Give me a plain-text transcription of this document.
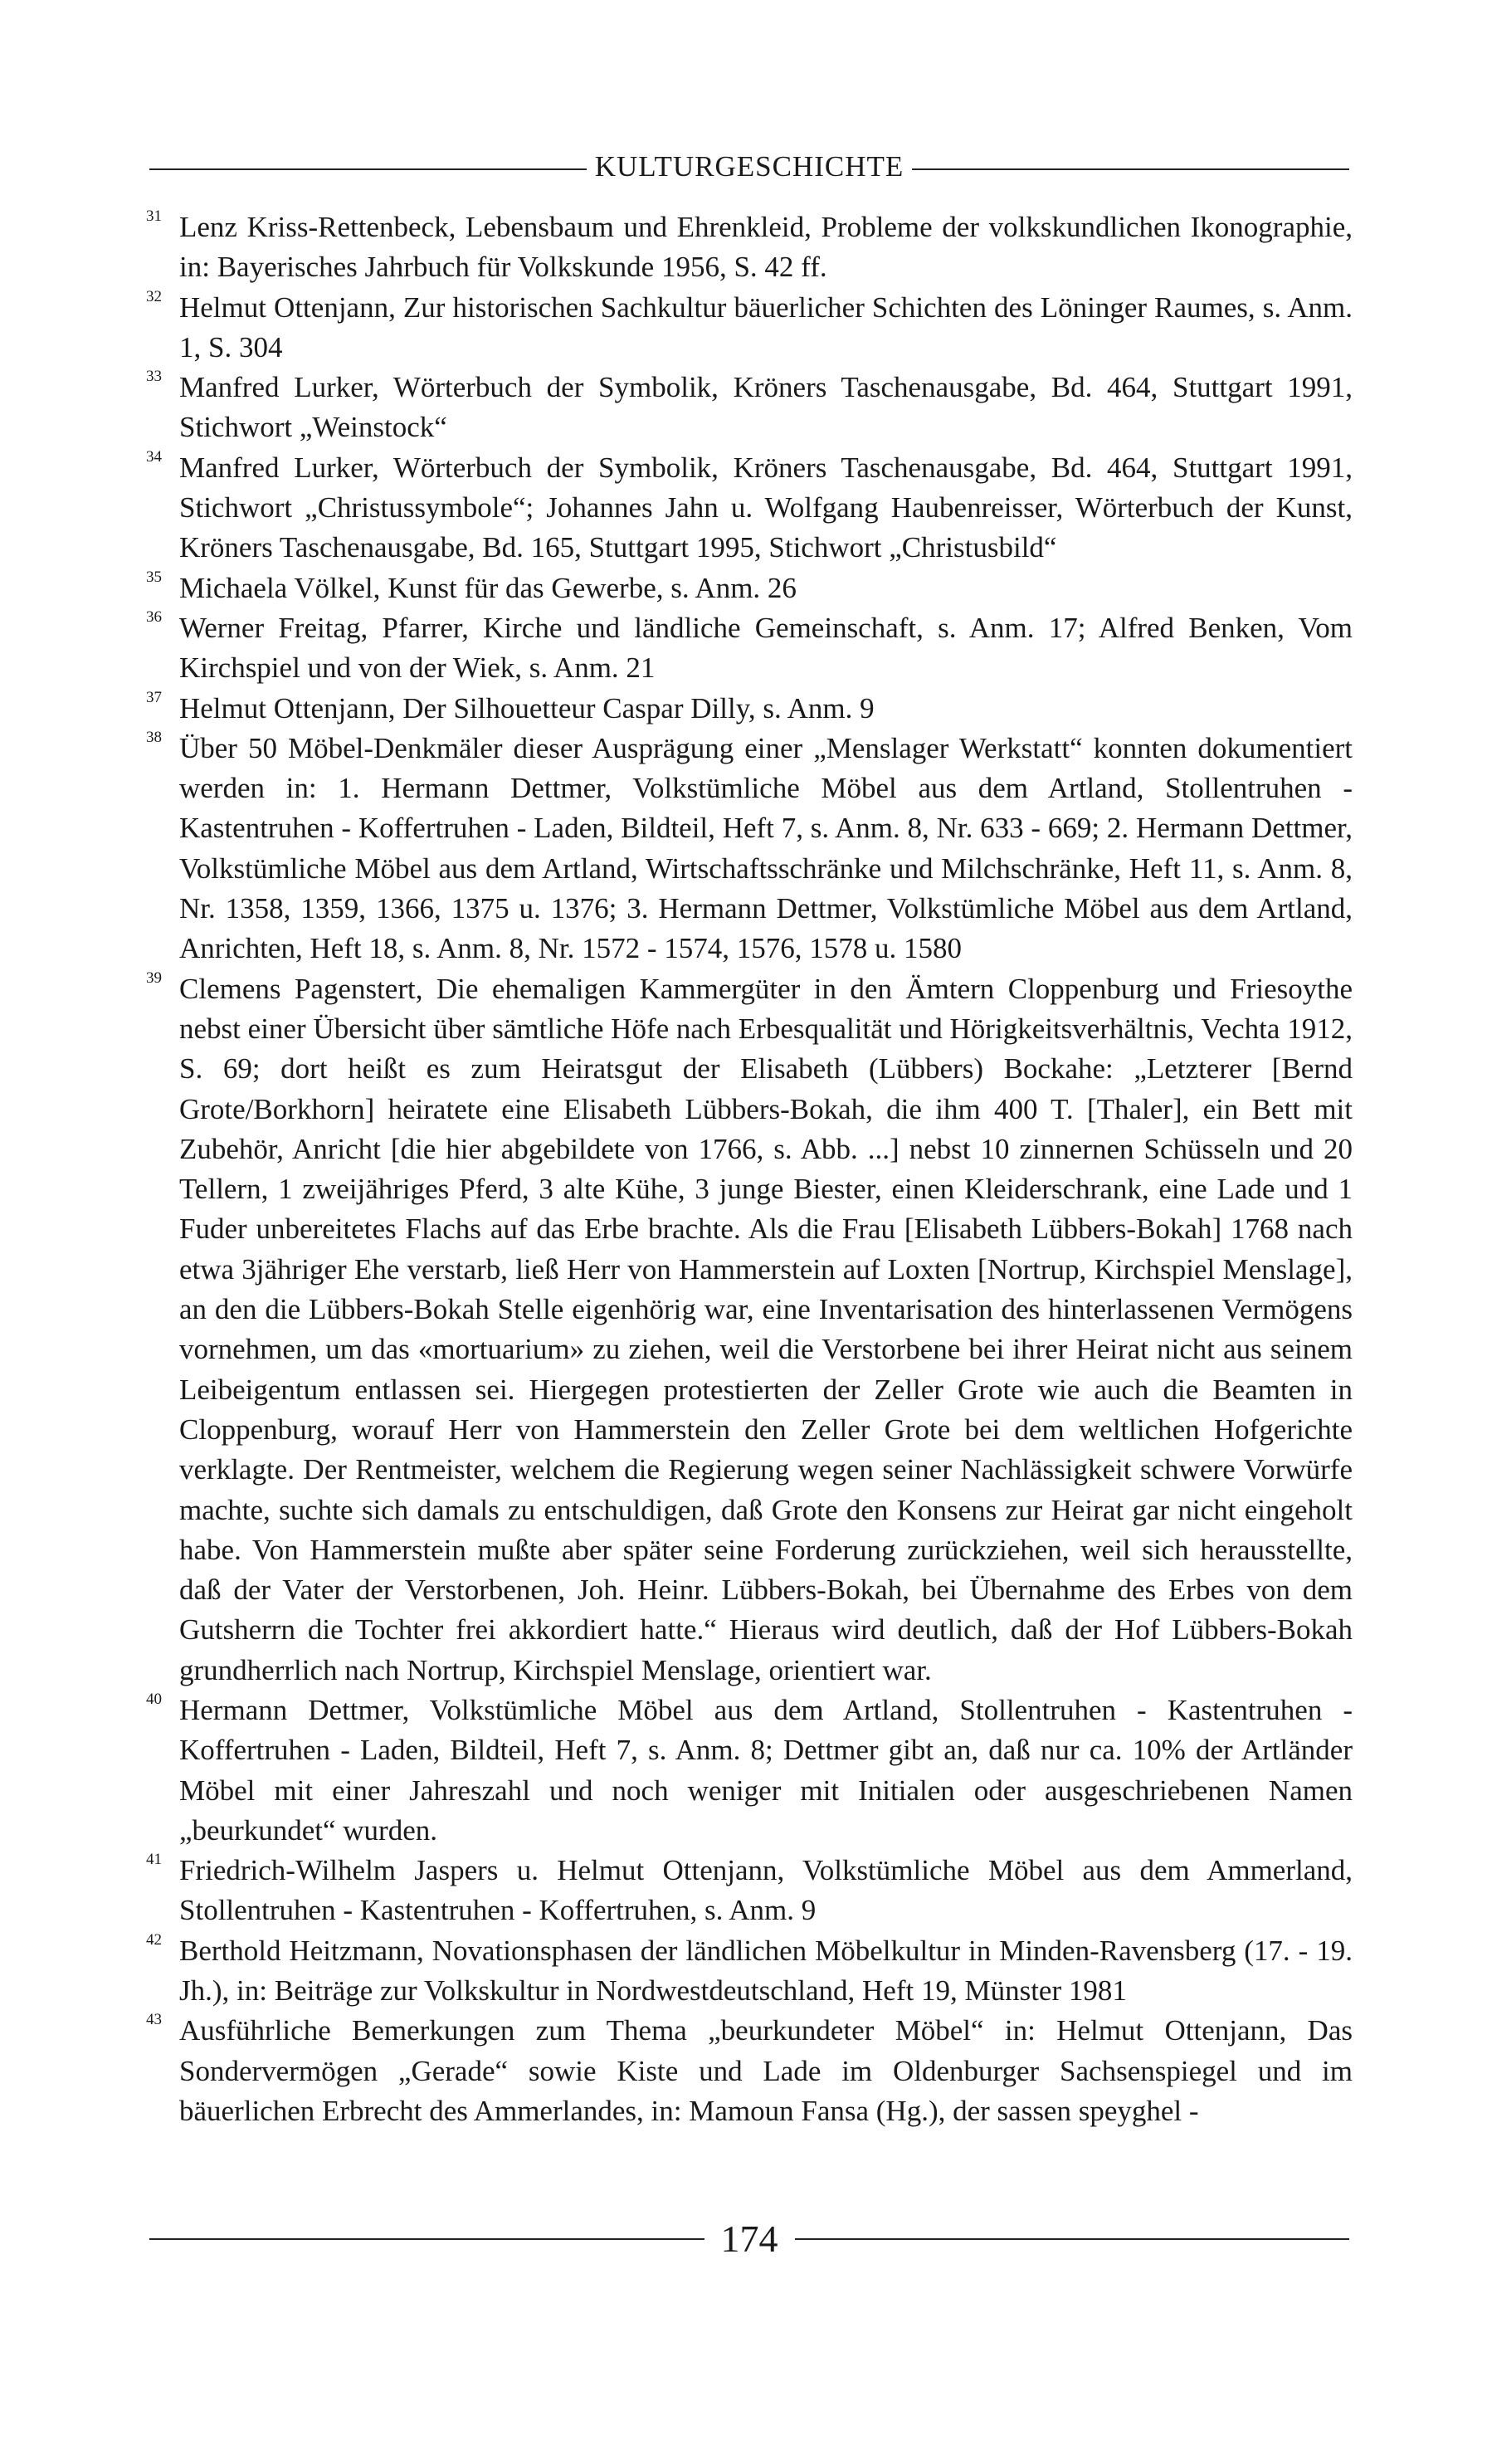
KULTURGESCHICHTE
31 Lenz Kriss-Rettenbeck, Lebensbaum und Ehrenkleid, Probleme der volkskundlichen Ikonographie, in: Bayerisches Jahrbuch für Volkskunde 1956, S. 42 ff.
32 Helmut Ottenjann, Zur historischen Sachkultur bäuerlicher Schichten des Löninger Raumes, s. Anm. 1, S. 304
33 Manfred Lurker, Wörterbuch der Symbolik, Kröners Taschenausgabe, Bd. 464, Stuttgart 1991, Stichwort „Weinstock“
34 Manfred Lurker, Wörterbuch der Symbolik, Kröners Taschenausgabe, Bd. 464, Stuttgart 1991, Stichwort „Christussymbole“; Johannes Jahn u. Wolfgang Haubenreisser, Wörterbuch der Kunst, Kröners Taschenausgabe, Bd. 165, Stuttgart 1995, Stichwort „Christusbild“
35 Michaela Völkel, Kunst für das Gewerbe, s. Anm. 26
36 Werner Freitag, Pfarrer, Kirche und ländliche Gemeinschaft, s. Anm. 17; Alfred Benken, Vom Kirchspiel und von der Wiek, s. Anm. 21
37 Helmut Ottenjann, Der Silhouetteur Caspar Dilly, s. Anm. 9
38 Über 50 Möbel-Denkmäler dieser Ausprägung einer „Menslager Werkstatt“ konnten dokumentiert werden in: 1. Hermann Dettmer, Volkstümliche Möbel aus dem Artland, Stollentruhen - Kastentruhen - Koffertruhen - Laden, Bildteil, Heft 7, s. Anm. 8, Nr. 633 - 669; 2. Hermann Dettmer, Volkstümliche Möbel aus dem Artland, Wirtschaftsschränke und Milchschränke, Heft 11, s. Anm. 8, Nr. 1358, 1359, 1366, 1375 u. 1376; 3. Hermann Dettmer, Volkstümliche Möbel aus dem Artland, Anrichten, Heft 18, s. Anm. 8, Nr. 1572 - 1574, 1576, 1578 u. 1580
39 Clemens Pagenstert, Die ehemaligen Kammergüter in den Ämtern Cloppenburg und Friesoythe nebst einer Übersicht über sämtliche Höfe nach Erbesqualität und Hörigkeitsverhältnis, Vechta 1912, S. 69; dort heißt es zum Heiratsgut der Elisabeth (Lübbers) Bockahe: „Letzterer [Bernd Grote/Borkhorn] heiratete eine Elisabeth Lübbers-Bokah, die ihm 400 T. [Thaler], ein Bett mit Zubehör, Anricht [die hier abgebildete von 1766, s. Abb. ...] nebst 10 zinnernen Schüsseln und 20 Tellern, 1 zweijähriges Pferd, 3 alte Kühe, 3 junge Biester, einen Kleiderschrank, eine Lade und 1 Fuder unbereitetes Flachs auf das Erbe brachte. Als die Frau [Elisabeth Lübbers-Bokah] 1768 nach etwa 3jähriger Ehe verstarb, ließ Herr von Hammerstein auf Loxten [Nortrup, Kirchspiel Menslage], an den die Lübbers-Bokah Stelle eigenhörig war, eine Inventarisation des hinterlassenen Vermögens vornehmen, um das «mortuarium» zu ziehen, weil die Verstorbene bei ihrer Heirat nicht aus seinem Leibeigentum entlassen sei. Hiergegen protestierten der Zeller Grote wie auch die Beamten in Cloppenburg, worauf Herr von Hammerstein den Zeller Grote bei dem weltlichen Hofgerichte verklagte. Der Rentmeister, welchem die Regierung wegen seiner Nachlässigkeit schwere Vorwürfe machte, suchte sich damals zu entschuldigen, daß Grote den Konsens zur Heirat gar nicht eingeholt habe. Von Hammerstein mußte aber später seine Forderung zurückziehen, weil sich herausstellte, daß der Vater der Verstorbenen, Joh. Heinr. Lübbers-Bokah, bei Übernahme des Erbes von dem Gutsherrn die Tochter frei akkordiert hatte.“ Hieraus wird deutlich, daß der Hof Lübbers-Bokah grundherrlich nach Nortrup, Kirchspiel Menslage, orientiert war.
40 Hermann Dettmer, Volkstümliche Möbel aus dem Artland, Stollentruhen - Kastentruhen - Koffertruhen - Laden, Bildteil, Heft 7, s. Anm. 8; Dettmer gibt an, daß nur ca. 10% der Artländer Möbel mit einer Jahreszahl und noch weniger mit Initialen oder ausgeschriebenen Namen „beurkundet“ wurden.
41 Friedrich-Wilhelm Jaspers u. Helmut Ottenjann, Volkstümliche Möbel aus dem Ammerland, Stollentruhen - Kastentruhen - Koffertruhen, s. Anm. 9
42 Berthold Heitzmann, Novationsphasen der ländlichen Möbelkultur in Minden-Ravensberg (17. - 19. Jh.), in: Beiträge zur Volkskultur in Nordwestdeutschland, Heft 19, Münster 1981
43 Ausführliche Bemerkungen zum Thema „beurkundeter Möbel“ in: Helmut Ottenjann, Das Sondervermögen „Gerade“ sowie Kiste und Lade im Oldenburger Sachsenspiegel und im bäuerlichen Erbrecht des Ammerlandes, in: Mamoun Fansa (Hg.), der sassen speyghel -
174
